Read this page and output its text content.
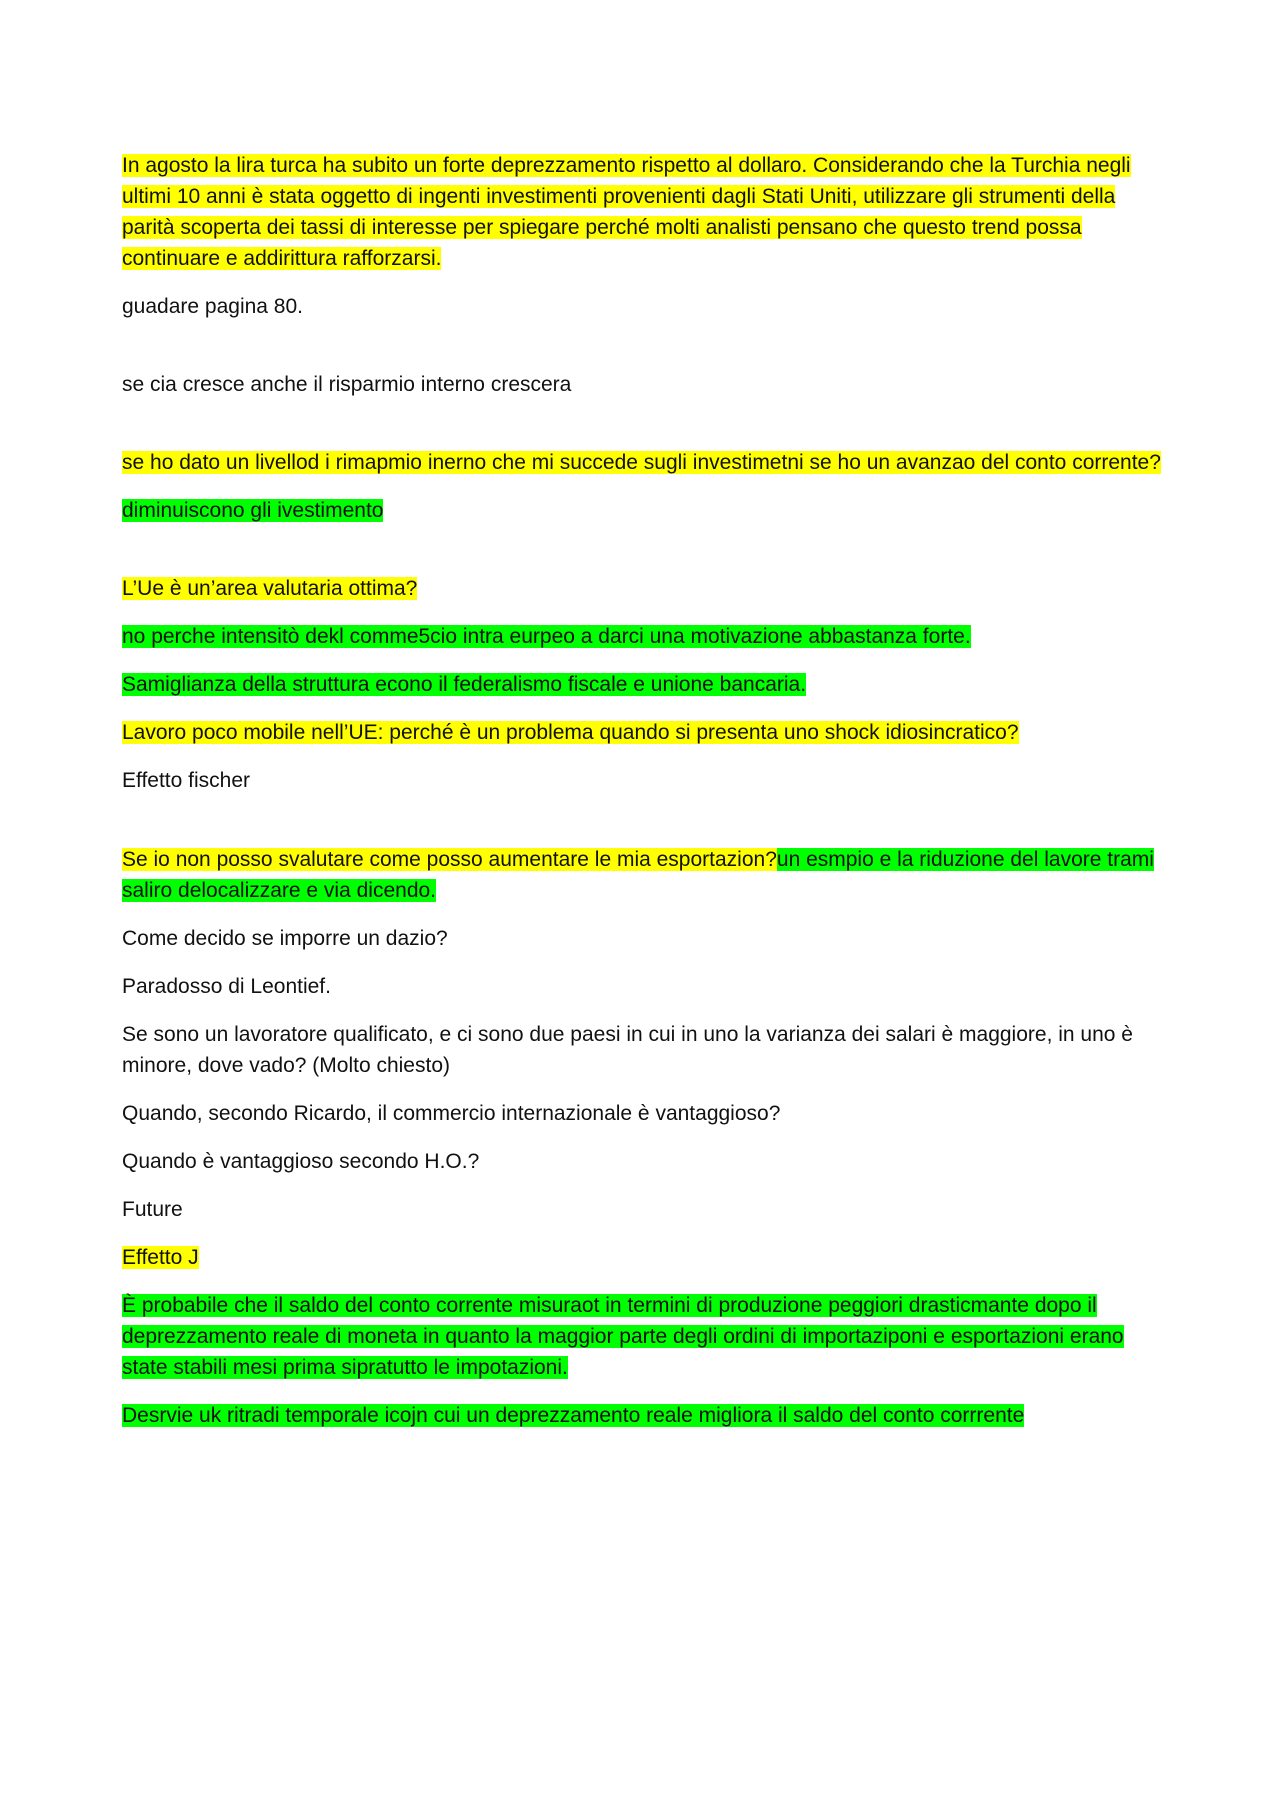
In agosto la lira turca ha subito un forte deprezzamento rispetto al dollaro. Considerando che la Turchia negli ultimi 10 anni è stata oggetto di ingenti investimenti provenienti dagli Stati Uniti, utilizzare gli strumenti della parità scoperta dei tassi di interesse per spiegare perché molti analisti pensano che questo trend possa continuare e addirittura rafforzarsi.

guadare pagina 80.

se cia cresce anche il risparmio interno crescera

se ho dato un livellod i rimapmio inerno che mi succede sugli investimetni se ho un avanzao del conto corrente?

diminuiscono gli ivestimento

L’Ue è un’area valutaria ottima?

no perche intensitò dekl comme5cio intra eurpeo a darci una motivazione abbastanza forte.

Samiglianza della struttura econo il federalismo fiscale e unione bancaria.

Lavoro poco mobile nell’UE: perché è un problema quando si presenta uno shock idiosincratico?

Effetto fischer

Se io non posso svalutare come posso aumentare le mia esportazion?un esmpio e la riduzione del lavore trami saliro delocalizzare e via dicendo.

Come decido se imporre un dazio?

Paradosso di Leontief.

Se sono un lavoratore qualificato, e ci sono due paesi in cui in uno la varianza dei salari è maggiore, in uno è minore, dove vado? (Molto chiesto)

Quando, secondo Ricardo, il commercio internazionale è vantaggioso?

Quando è vantaggioso secondo H.O.?

Future

Effetto J

È probabile che il saldo del conto corrente misuraot in termini di produzione peggiori drasticmante dopo il deprezzamento reale di moneta in quanto la maggior parte degli ordini di importaziponi e esportazioni erano state stabili mesi prima sipratutto le impotazioni.

Desrvie uk ritradi temporale icojn cui un deprezzamento reale migliora il saldo del conto corrrente
